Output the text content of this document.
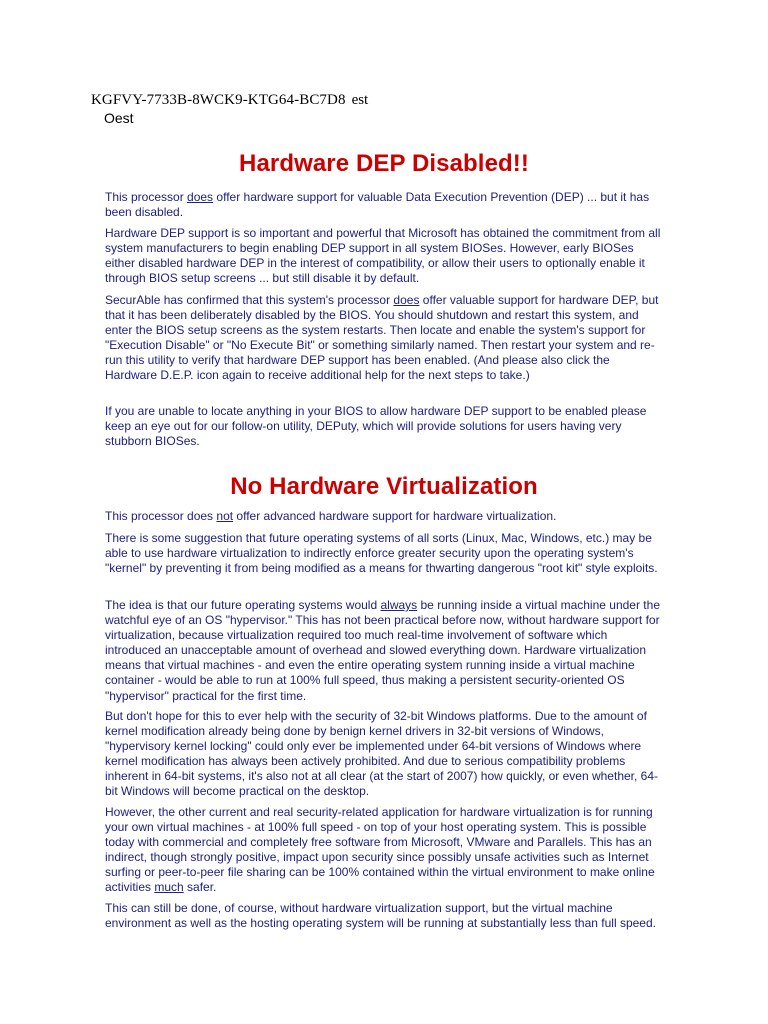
KGFVY-7733B-8WCK9-KTG64-BC7D8 est
Oest
Hardware DEP Disabled!!

This processor does offer hardware support for valuable Data Execution Prevention (DEP) ... but it has been disabled.

Hardware DEP support is so important and powerful that Microsoft has obtained the commitment from all system manufacturers to begin enabling DEP support in all system BIOSes. However, early BIOSes either disabled hardware DEP in the interest of compatibility, or allow their users to optionally enable it through BIOS setup screens ... but still disable it by default.

SecurAble has confirmed that this system's processor does offer valuable support for hardware DEP, but that it has been deliberately disabled by the BIOS. You should shutdown and restart this system, and enter the BIOS setup screens as the system restarts. Then locate and enable the system's support for "Execution Disable" or "No Execute Bit" or something similarly named. Then restart your system and re-run this utility to verify that hardware DEP support has been enabled. (And please also click the Hardware D.E.P. icon again to receive additional help for the next steps to take.)

If you are unable to locate anything in your BIOS to allow hardware DEP support to be enabled please keep an eye out for our follow-on utility, DEPuty, which will provide solutions for users having very stubborn BIOSes.

No Hardware Virtualization

This processor does not offer advanced hardware support for hardware virtualization.

There is some suggestion that future operating systems of all sorts (Linux, Mac, Windows, etc.) may be able to use hardware virtualization to indirectly enforce greater security upon the operating system's "kernel" by preventing it from being modified as a means for thwarting dangerous "root kit" style exploits.

The idea is that our future operating systems would always be running inside a virtual machine under the watchful eye of an OS "hypervisor." This has not been practical before now, without hardware support for virtualization, because virtualization required too much real-time involvement of software which introduced an unacceptable amount of overhead and slowed everything down. Hardware virtualization means that virtual machines - and even the entire operating system running inside a virtual machine container - would be able to run at 100% full speed, thus making a persistent security-oriented OS "hypervisor" practical for the first time.

But don't hope for this to ever help with the security of 32-bit Windows platforms. Due to the amount of kernel modification already being done by benign kernel drivers in 32-bit versions of Windows, "hypervisory kernel locking" could only ever be implemented under 64-bit versions of Windows where kernel modification has always been actively prohibited. And due to serious compatibility problems inherent in 64-bit systems, it's also not at all clear (at the start of 2007) how quickly, or even whether, 64-bit Windows will become practical on the desktop.

However, the other current and real security-related application for hardware virtualization is for running your own virtual machines - at 100% full speed - on top of your host operating system. This is possible today with commercial and completely free software from Microsoft, VMware and Parallels. This has an indirect, though strongly positive, impact upon security since possibly unsafe activities such as Internet surfing or peer-to-peer file sharing can be 100% contained within the virtual environment to make online activities much safer.

This can still be done, of course, without hardware virtualization support, but the virtual machine environment as well as the hosting operating system will be running at substantially less than full speed.
